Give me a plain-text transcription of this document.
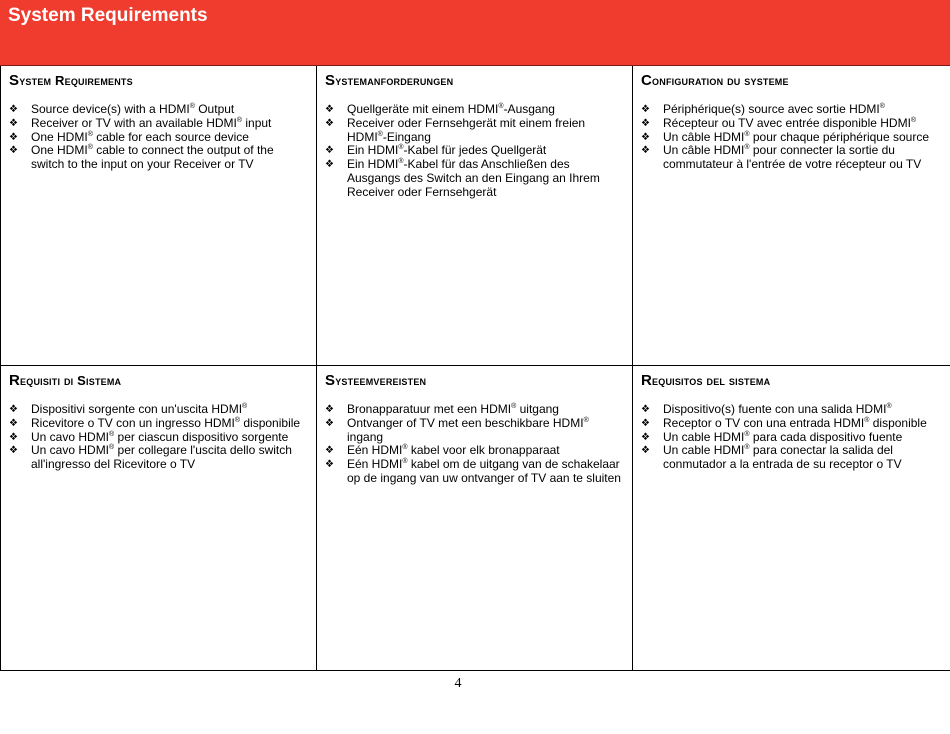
System Requirements
System Requirements
❖ Source device(s) with a HDMI® Output
❖ Receiver or TV with an available HDMI® input
❖ One HDMI® cable for each source device
❖ One HDMI® cable to connect the output of the switch to the input on your Receiver or TV
Systemanforderungen
❖ Quellgeräte mit einem HDMI®-Ausgang
❖ Receiver oder Fernsehgerät mit einem freien HDMI®-Eingang
❖ Ein HDMI®-Kabel für jedes Quellgerät
❖ Ein HDMI®-Kabel für das Anschließen des Ausgangs des Switch an den Eingang an Ihrem Receiver oder Fernsehgerät
Configuration du systeme
❖ Périphérique(s) source avec sortie HDMI®
❖ Récepteur ou TV avec entrée disponible HDMI®
❖ Un câble HDMI® pour chaque périphérique source
❖ Un câble HDMI® pour connecter la sortie du commutateur à l'entrée de votre récepteur ou TV
Requisiti di Sistema
❖ Dispositivi sorgente con un'uscita HDMI®
❖ Ricevitore o TV con un ingresso HDMI® disponibile
❖ Un cavo HDMI® per ciascun dispositivo sorgente
❖ Un cavo HDMI® per collegare l'uscita dello switch all'ingresso del Ricevitore o TV
Systeemvereisten
❖ Bronapparatuur met een HDMI® uitgang
❖ Ontvanger of TV met een beschikbare HDMI® ingang
❖ Eén HDMI® kabel voor elk bronapparaat
❖ Eén HDMI® kabel om de uitgang van de schakelaar op de ingang van uw ontvanger of TV aan te sluiten
Requisitos del sistema
❖ Dispositivo(s) fuente con una salida HDMI®
❖ Receptor o TV con una entrada HDMI® disponible
❖ Un cable HDMI® para cada dispositivo fuente
❖ Un cable HDMI® para conectar la salida del conmutador a la entrada de su receptor o TV
4
